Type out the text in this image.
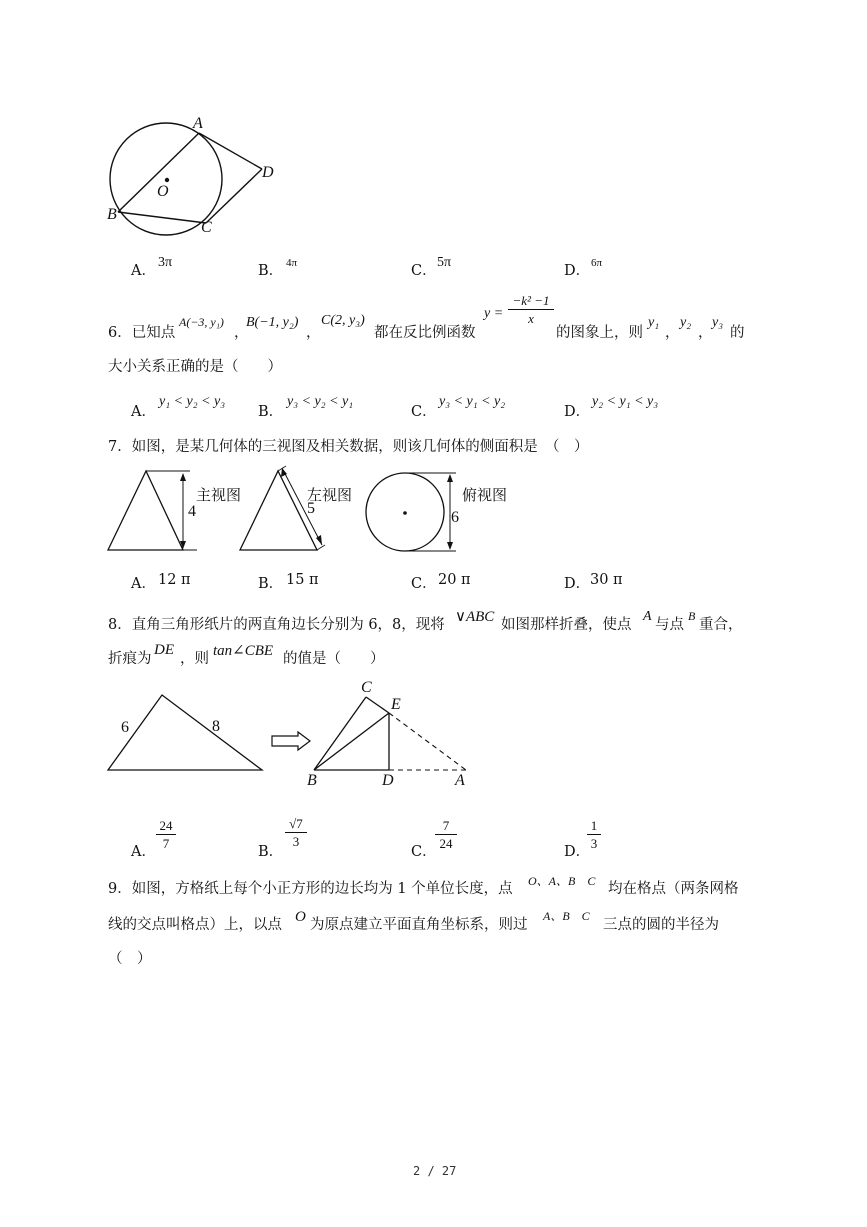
A
O
D
B
C
A．
3π
B． 4π	C．
5π
D． 6π
6．已知点
A(−3, y₁)
，
B(−1, y₂)
，
C(2, y₃)
都在反比例函数
$y = \frac{\text{−k² −1}}{x}$
的图象上，则
y₁
，
y₂
，
y₃
的
大小关系正确的是（　　）
A．
y₁ < y₂ < y₃
B．
y₃ < y₂ < y₁
C．
y₃ < y₁ < y₂
D．
y₂ < y₁ < y₃
7．如图，是某几何体的三视图及相关数据，则该几何体的侧面积是　（　）
主视图
4
左视图
5
俯视图
6
A． 12 π	B． 15 π	C． 20 π	D． 30 π
8．直角三角形纸片的两直角边长分别为 6，8，现将 ∨ABC 如图那样折叠，使点
A
与点
B
重合，
折痕为
DE
，则 tan∠CBE 的值是（　　）
6	8
C
E
B	D	A
A． $\frac{24}{7}$	B．
$\frac{√7}{3}$
C．
$\frac{7}{24}$	D．
$\frac{1}{3}$
9．如图，方格纸上每个小正方形的边长均为 1 个单位长度，点 O、A、B　C 均在格点（两条网格
线的交点叫格点）上，以点 O 为原点建立平面直角坐标系，则过
A、B　C
三点的圆的半径为
（　）
2 / 27
